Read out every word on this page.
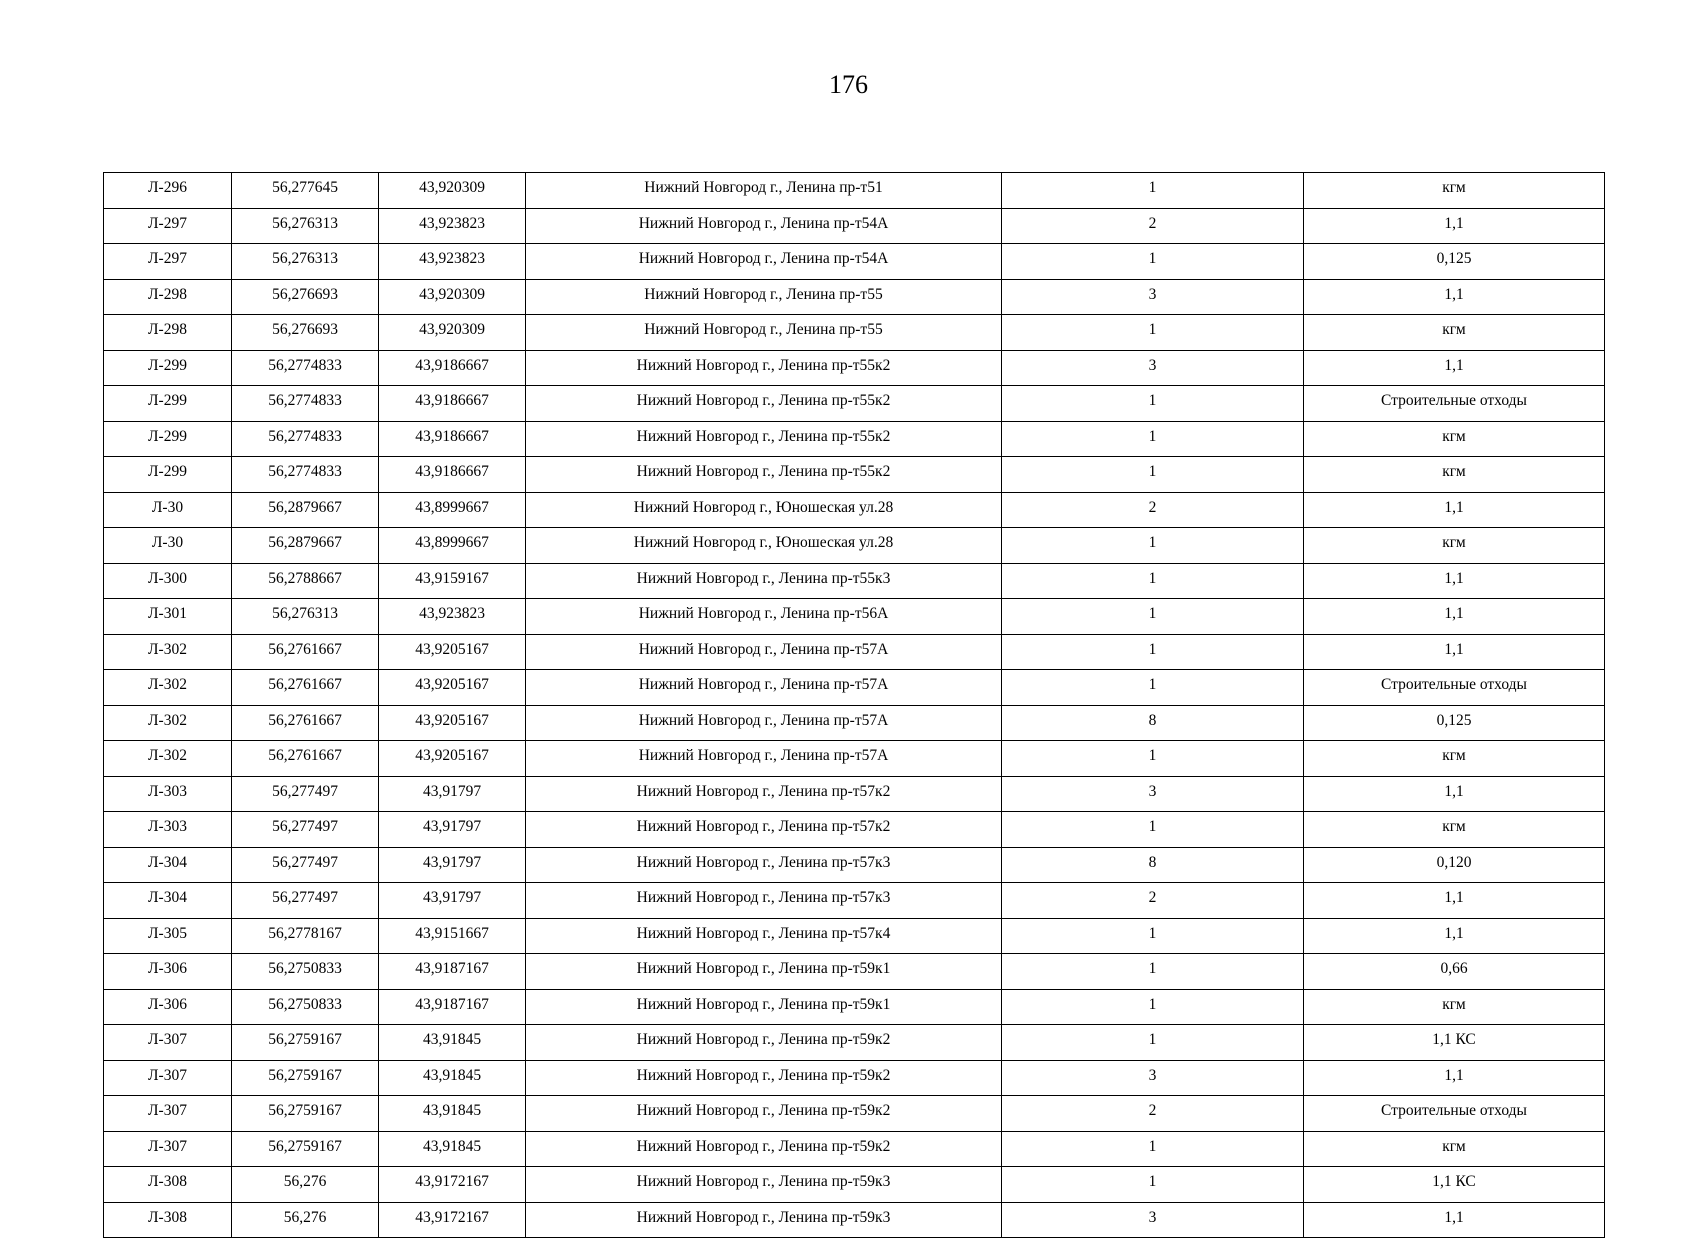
176
Л-296	56,277645	43,920309	Нижний Новгород г., Ленина пр-т51	1	кгм
Л-297	56,276313	43,923823	Нижний Новгород г., Ленина пр-т54А	2	1,1
Л-297	56,276313	43,923823	Нижний Новгород г., Ленина пр-т54А	1	0,125
Л-298	56,276693	43,920309	Нижний Новгород г., Ленина пр-т55	3	1,1
Л-298	56,276693	43,920309	Нижний Новгород г., Ленина пр-т55	1	кгм
Л-299	56,2774833	43,9186667	Нижний Новгород г., Ленина пр-т55к2	3	1,1
Л-299	56,2774833	43,9186667	Нижний Новгород г., Ленина пр-т55к2	1	Строительные отходы
Л-299	56,2774833	43,9186667	Нижний Новгород г., Ленина пр-т55к2	1	кгм
Л-299	56,2774833	43,9186667	Нижний Новгород г., Ленина пр-т55к2	1	кгм
Л-30	56,2879667	43,8999667	Нижний Новгород г., Юношеская ул.28	2	1,1
Л-30	56,2879667	43,8999667	Нижний Новгород г., Юношеская ул.28	1	кгм
Л-300	56,2788667	43,9159167	Нижний Новгород г., Ленина пр-т55к3	1	1,1
Л-301	56,276313	43,923823	Нижний Новгород г., Ленина пр-т56А	1	1,1
Л-302	56,2761667	43,9205167	Нижний Новгород г., Ленина пр-т57А	1	1,1
Л-302	56,2761667	43,9205167	Нижний Новгород г., Ленина пр-т57А	1	Строительные отходы
Л-302	56,2761667	43,9205167	Нижний Новгород г., Ленина пр-т57А	8	0,125
Л-302	56,2761667	43,9205167	Нижний Новгород г., Ленина пр-т57А	1	кгм
Л-303	56,277497	43,91797	Нижний Новгород г., Ленина пр-т57к2	3	1,1
Л-303	56,277497	43,91797	Нижний Новгород г., Ленина пр-т57к2	1	кгм
Л-304	56,277497	43,91797	Нижний Новгород г., Ленина пр-т57к3	8	0,120
Л-304	56,277497	43,91797	Нижний Новгород г., Ленина пр-т57к3	2	1,1
Л-305	56,2778167	43,9151667	Нижний Новгород г., Ленина пр-т57к4	1	1,1
Л-306	56,2750833	43,9187167	Нижний Новгород г., Ленина пр-т59к1	1	0,66
Л-306	56,2750833	43,9187167	Нижний Новгород г., Ленина пр-т59к1	1	кгм
Л-307	56,2759167	43,91845	Нижний Новгород г., Ленина пр-т59к2	1	1,1 КС
Л-307	56,2759167	43,91845	Нижний Новгород г., Ленина пр-т59к2	3	1,1
Л-307	56,2759167	43,91845	Нижний Новгород г., Ленина пр-т59к2	2	Строительные отходы
Л-307	56,2759167	43,91845	Нижний Новгород г., Ленина пр-т59к2	1	кгм
Л-308	56,276	43,9172167	Нижний Новгород г., Ленина пр-т59к3	1	1,1 КС
Л-308	56,276	43,9172167	Нижний Новгород г., Ленина пр-т59к3	3	1,1
